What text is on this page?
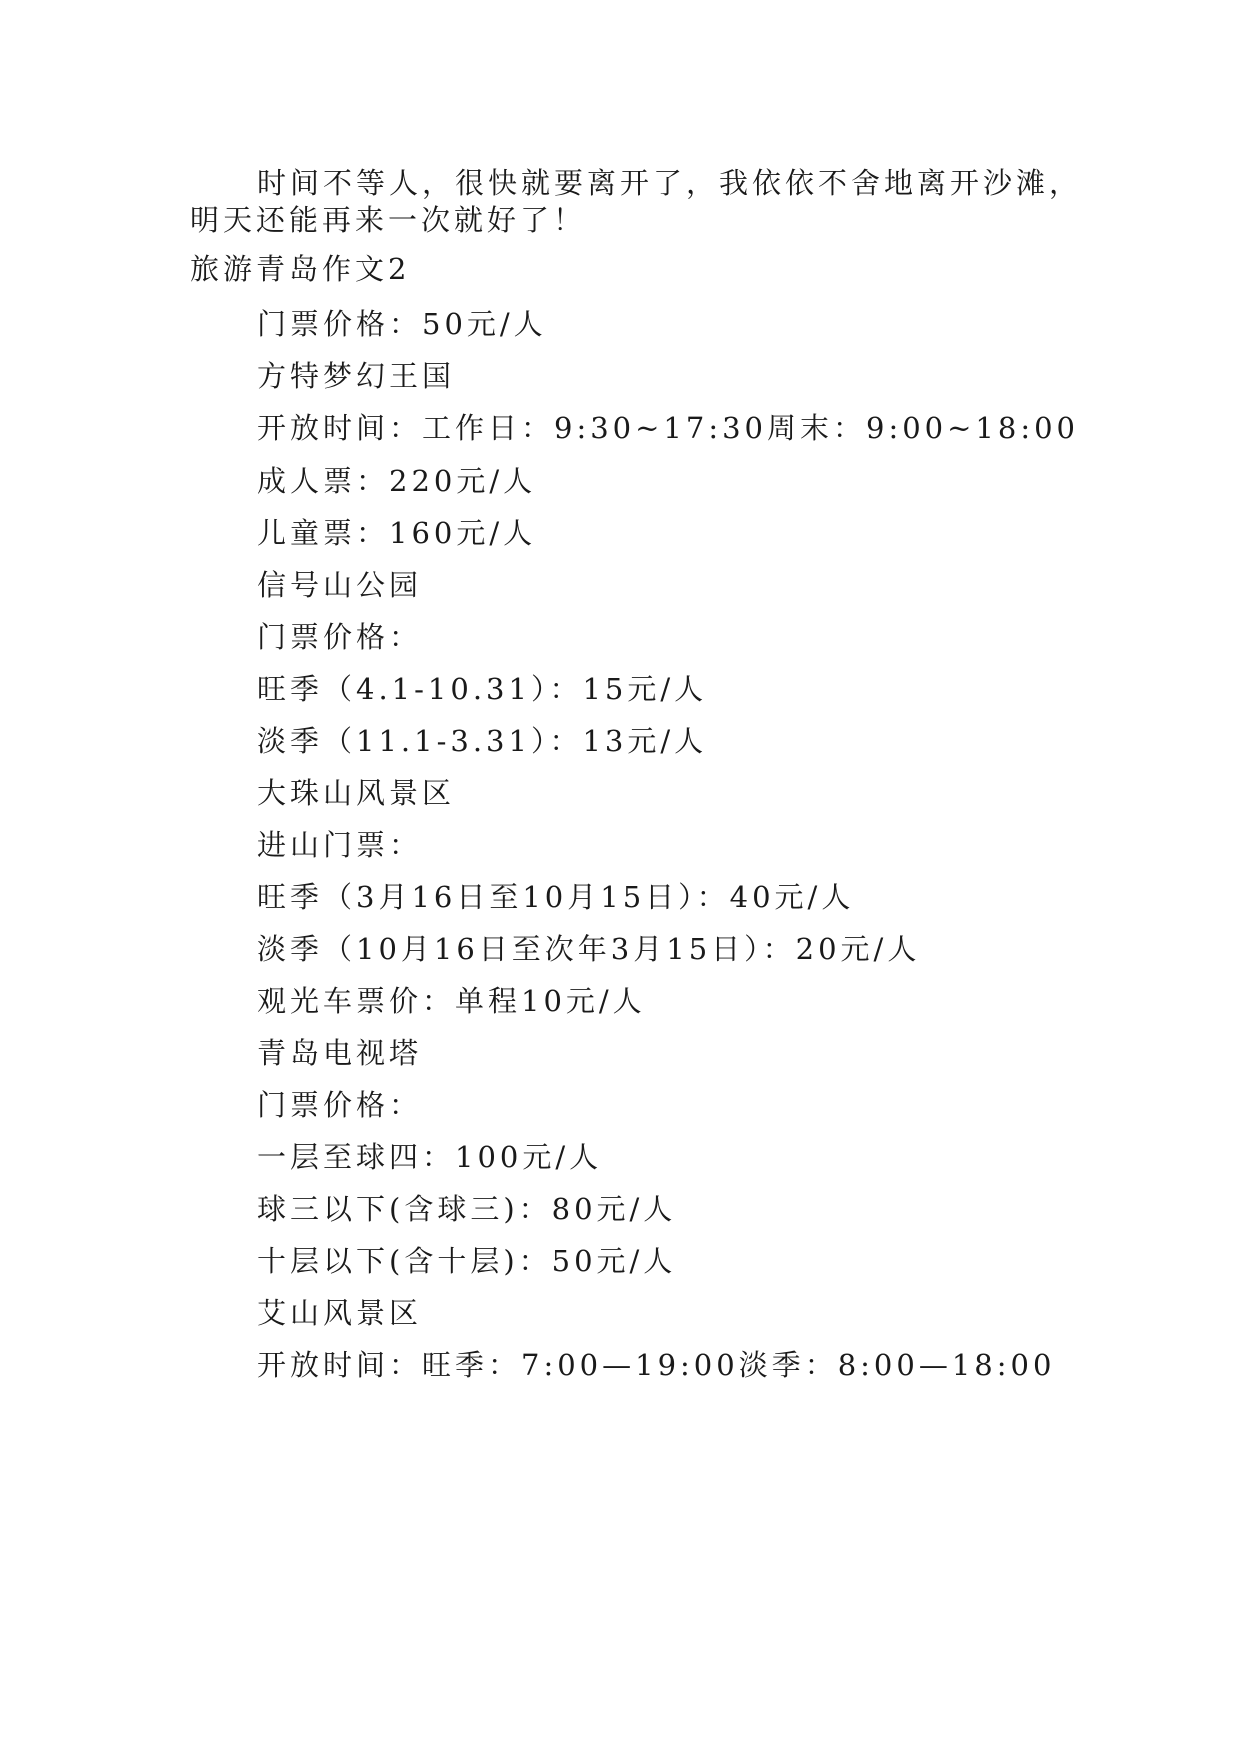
时间不等人，很快就要离开了，我依依不舍地离开沙滩，
明天还能再来一次就好了！
旅游青岛作文2
门票价格：50元/人
方特梦幻王国
开放时间：工作日：9:30~17:30周末：9:00~18:00
成人票：220元/人
儿童票：160元/人
信号山公园
门票价格：
旺季（4.1-10.31）：15元/人
淡季（11.1-3.31）：13元/人
大珠山风景区
进山门票：
旺季（3月16日至10月15日）：40元/人
淡季（10月16日至次年3月15日）：20元/人
观光车票价：单程10元/人
青岛电视塔
门票价格：
一层至球四：100元/人
球三以下(含球三)：80元/人
十层以下(含十层)：50元/人
艾山风景区
开放时间：旺季：7:00—19:00淡季：8:00—18:00
